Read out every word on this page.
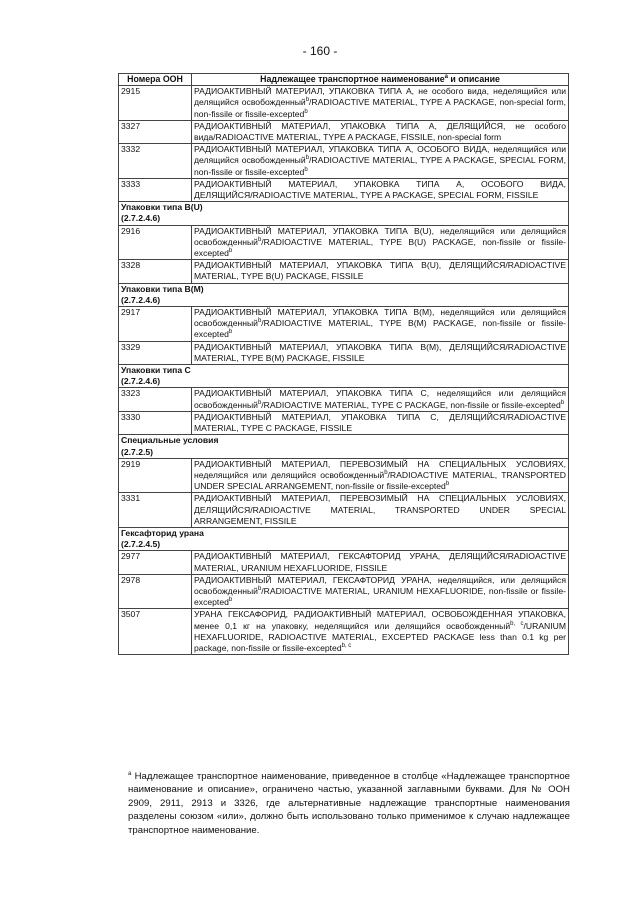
- 160 -
Номера ООН	Надлежащее транспортное наименование$^a$ и описание
2915	РАДИОАКТИВНЫЙ МАТЕРИАЛ, УПАКОВКА ТИПА A, не особого вида, неделящийся или делящийся освобожденный$^b$/RADIOACTIVE MATERIAL, TYPE A PACKAGE, non-special form, non-fissile or fissile-excepted$^b$
3327	РАДИОАКТИВНЫЙ МАТЕРИАЛ, УПАКОВКА ТИПА A, ДЕЛЯЩИЙСЯ, не особого вида/RADIOACTIVE MATERIAL, TYPE A PACKAGE, FISSILE, non-special form
3332	РАДИОАКТИВНЫЙ МАТЕРИАЛ, УПАКОВКА ТИПА A, ОСОБОГО ВИДА, неделящийся или делящийся освобожденный$^b$/RADIOACTIVE MATERIAL, TYPE A PACKAGE, SPECIAL FORM, non-fissile or fissile-excepted$^b$
3333	РАДИОАКТИВНЫЙ МАТЕРИАЛ, УПАКОВКА ТИПА A, ОСОБОГО ВИДА, ДЕЛЯЩИЙСЯ/RADIOACTIVE MATERIAL, TYPE A PACKAGE, SPECIAL FORM, FISSILE

Упаковки типа B(U)
(2.7.2.4.6)	

2916	РАДИОАКТИВНЫЙ МАТЕРИАЛ, УПАКОВКА ТИПА B(U), неделящийся или делящийся освобожденный$^b$/RADIOACTIVE MATERIAL, TYPE B(U) PACKAGE, non-fissile or fissile-excepted$^b$
3328	РАДИОАКТИВНЫЙ МАТЕРИАЛ, УПАКОВКА ТИПА B(U), ДЕЛЯЩИЙСЯ/RADIOACTIVE MATERIAL, TYPE B(U) PACKAGE, FISSILE

Упаковки типа B(M)
(2.7.2.4.6)	

2917	РАДИОАКТИВНЫЙ МАТЕРИАЛ, УПАКОВКА ТИПА B(M), неделящийся или делящийся освобожденный$^b$/RADIOACTIVE MATERIAL, TYPE B(M) PACKAGE, non-fissile or fissile-excepted$^b$
3329	РАДИОАКТИВНЫЙ МАТЕРИАЛ, УПАКОВКА ТИПА B(M), ДЕЛЯЩИЙСЯ/RADIOACTIVE MATERIAL, TYPE B(M) PACKAGE, FISSILE

Упаковки типа C
(2.7.2.4.6)	

3323	РАДИОАКТИВНЫЙ МАТЕРИАЛ, УПАКОВКА ТИПА C, неделящийся или делящийся освобожденный$^b$/RADIOACTIVE MATERIAL, TYPE C PACKAGE, non-fissile or fissile-excepted$^b$
3330	РАДИОАКТИВНЫЙ МАТЕРИАЛ, УПАКОВКА ТИПА C, ДЕЛЯЩИЙСЯ/RADIOACTIVE MATERIAL, TYPE C PACKAGE, FISSILE

Специальные условия
(2.7.2.5)	

2919	РАДИОАКТИВНЫЙ МАТЕРИАЛ, ПЕРЕВОЗИМЫЙ НА СПЕЦИАЛЬНЫХ УСЛОВИЯХ, неделящийся или делящийся освобожденный$^b$/RADIOACTIVE MATERIAL, TRANSPORTED UNDER SPECIAL ARRANGEMENT, non-fissile or fissile-excepted$^b$
3331	РАДИОАКТИВНЫЙ МАТЕРИАЛ, ПЕРЕВОЗИМЫЙ НА СПЕЦИАЛЬНЫХ УСЛОВИЯХ, ДЕЛЯЩИЙСЯ/RADIOACTIVE MATERIAL, TRANSPORTED UNDER SPECIAL ARRANGEMENT, FISSILE

Гексафторид урана
(2.7.2.4.5)	

2977	РАДИОАКТИВНЫЙ МАТЕРИАЛ, ГЕКСАФТОРИД УРАНА, ДЕЛЯЩИЙСЯ/RADIOACTIVE MATERIAL, URANIUM HEXAFLUORIDE, FISSILE
2978	РАДИОАКТИВНЫЙ МАТЕРИАЛ, ГЕКСАФТОРИД УРАНА, неделящийся, или делящийся освобожденный$^b$/RADIOACTIVE MATERIAL, URANIUM HEXAFLUORIDE, non-fissile or fissile-excepted$^b$
3507	УРАНА ГЕКСАФОРИД, РАДИОАКТИВНЫЙ МАТЕРИАЛ, ОСВОБОЖДЕННАЯ УПАКОВКА, менее 0,1 кг на упаковку, неделящийся или делящийся освобожденный$^{b, c}$/URANIUM HEXAFLUORIDE, RADIOACTIVE MATERIAL, EXCEPTED PACKAGE less than 0.1 kg per package, non-fissile or fissile-excepted$^{b, c}$
$^a$ Надлежащее транспортное наименование, приведенное в столбце «Надлежащее транспортное наименование и описание», ограничено частью, указанной заглавными буквами. Для № ООН 2909, 2911, 2913 и 3326, где альтернативные надлежащие транспортные наименования разделены союзом «или», должно быть использовано только применимое к случаю надлежащее транспортное наименование.
